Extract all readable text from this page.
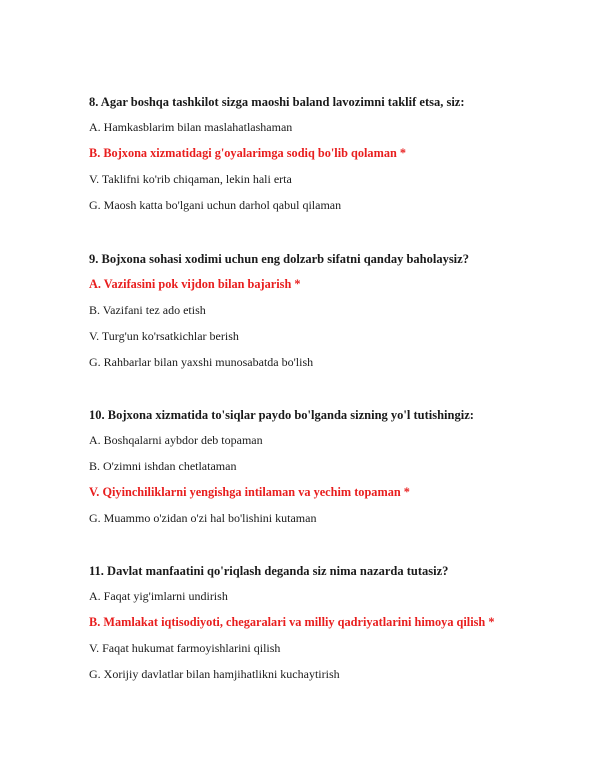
8. Agar boshqa tashkilot sizga maoshi baland lavozimni taklif etsa, siz:
A. Hamkasblarim bilan maslahatlashaman
B. Bojxona xizmatidagi g'oyalarimga sodiq bo'lib qolaman *
V. Taklifni ko'rib chiqaman, lekin hali erta
G. Maosh katta bo'lgani uchun darhol qabul qilaman
9. Bojxona sohasi xodimi uchun eng dolzarb sifatni qanday baholaysiz?
A. Vazifasini pok vijdon bilan bajarish *
B. Vazifani tez ado etish
V. Turg'un ko'rsatkichlar berish
G. Rahbarlar bilan yaxshi munosabatda bo'lish
10. Bojxona xizmatida to'siqlar paydo bo'lganda sizning yo'l tutishingiz:
A. Boshqalarni aybdor deb topaman
B. O'zimni ishdan chetlataman
V. Qiyinchiliklarni yengishga intilaman va yechim topaman *
G. Muammo o'zidan o'zi hal bo'lishini kutaman
11. Davlat manfaatini qo'riqlash deganda siz nima nazarda tutasiz?
A. Faqat yig'imlarni undirish
B. Mamlakat iqtisodiyoti, chegaralari va milliy qadriyatlarini himoya qilish *
V. Faqat hukumat farmoyishlarini qilish
G. Xorijiy davlatlar bilan hamjihatlikni kuchaytirish
